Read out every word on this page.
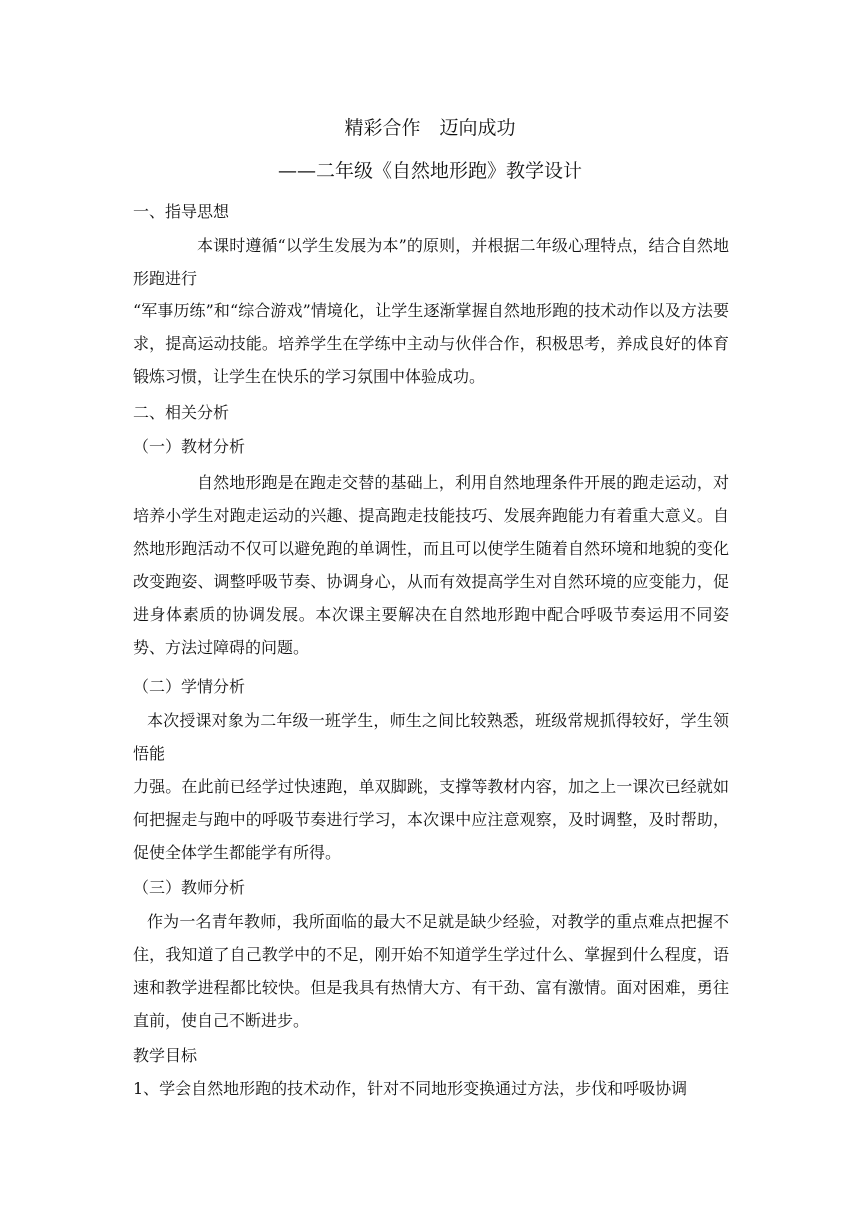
精彩合作　迈向成功
——二年级《自然地形跑》教学设计
一、指导思想
本课时遵循“以学生发展为本”的原则，并根据二年级心理特点，结合自然地形跑进行
“军事历练”和“综合游戏”情境化，让学生逐渐掌握自然地形跑的技术动作以及方法要求，提高运动技能。培养学生在学练中主动与伙伴合作，积极思考，养成良好的体育锻炼习惯，让学生在快乐的学习氛围中体验成功。
二、相关分析
（一）教材分析
自然地形跑是在跑走交替的基础上，利用自然地理条件开展的跑走运动，对培养小学生对跑走运动的兴趣、提高跑走技能技巧、发展奔跑能力有着重大意义。自然地形跑活动不仅可以避免跑的单调性，而且可以使学生随着自然环境和地貌的变化改变跑姿、调整呼吸节奏、协调身心，从而有效提高学生对自然环境的应变能力，促进身体素质的协调发展。本次课主要解决在自然地形跑中配合呼吸节奏运用不同姿势、方法过障碍的问题。
（二）学情分析
本次授课对象为二年级一班学生，师生之间比较熟悉，班级常规抓得较好，学生领悟能
力强。在此前已经学过快速跑，单双脚跳，支撑等教材内容，加之上一课次已经就如何把握走与跑中的呼吸节奏进行学习，本次课中应注意观察，及时调整，及时帮助，促使全体学生都能学有所得。
（三）教师分析
作为一名青年教师，我所面临的最大不足就是缺少经验，对教学的重点难点把握不住，我知道了自己教学中的不足，刚开始不知道学生学过什么、掌握到什么程度，语速和教学进程都比较快。但是我具有热情大方、有干劲、富有激情。面对困难，勇往直前，使自己不断进步。
教学目标
1、学会自然地形跑的技术动作，针对不同地形变换通过方法，步伐和呼吸协调
